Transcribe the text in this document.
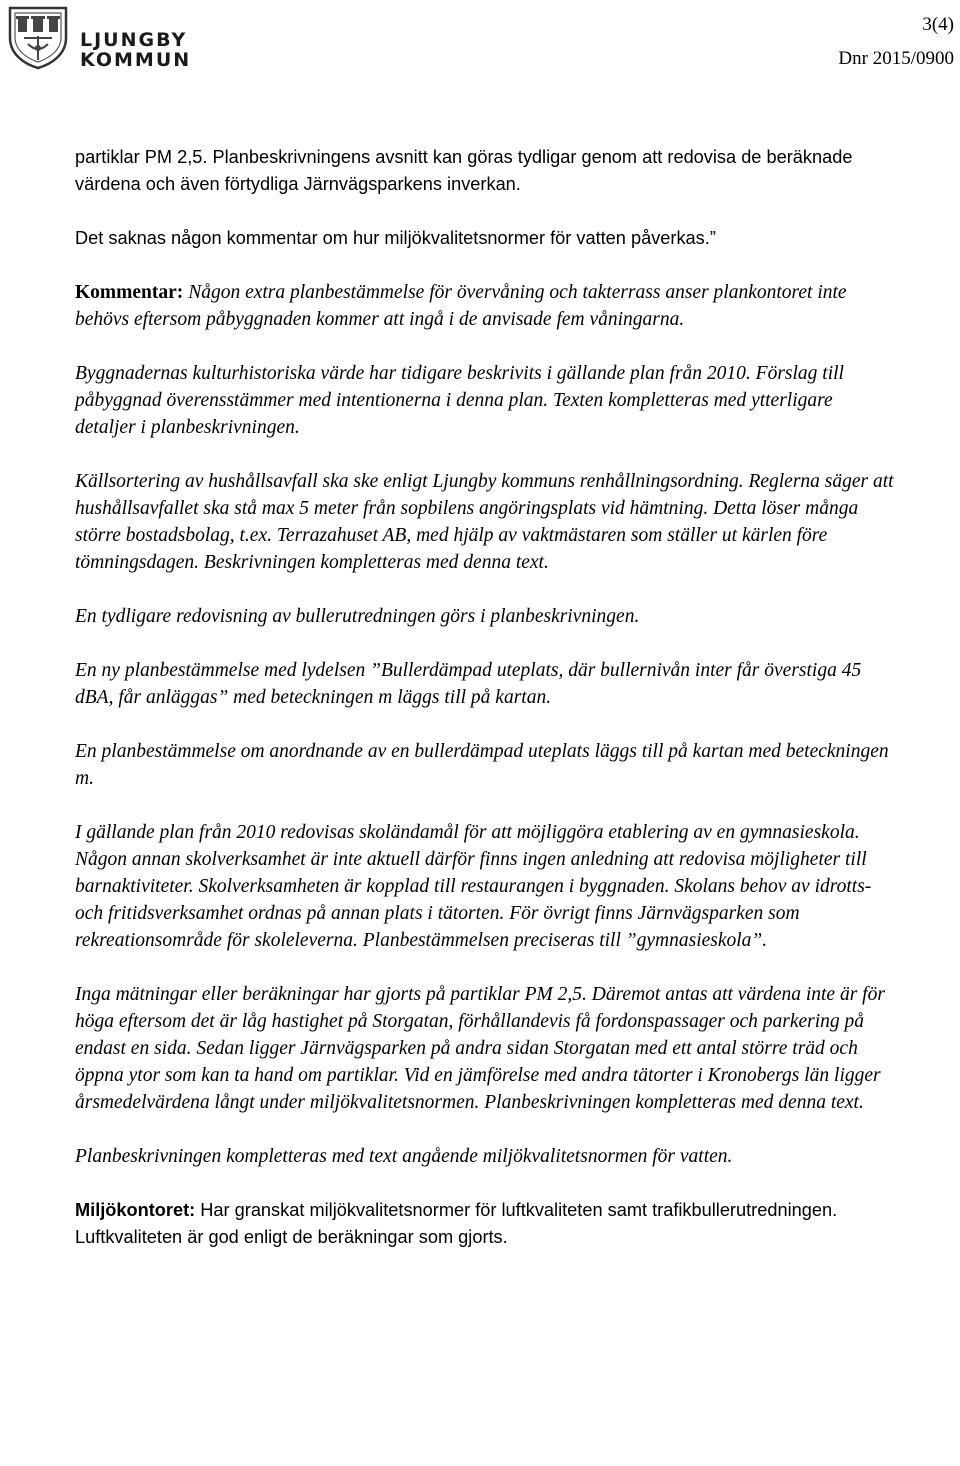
LJUNGBY
KOMMUN
3(4)
Dnr 2015/0900

partiklar PM 2,5. Planbeskrivningens avsnitt kan göras tydligar genom att redovisa de beräknade värdena och även förtydliga Järnvägsparkens inverkan.

Det saknas någon kommentar om hur miljökvalitetsnormer för vatten påverkas.”

Kommentar: Någon extra planbestämmelse för övervåning och takterrass anser plankontoret inte behövs eftersom påbyggnaden kommer att ingå i de anvisade fem våningarna.

Byggnadernas kulturhistoriska värde har tidigare beskrivits i gällande plan från 2010. Förslag till påbyggnad överensstämmer med intentionerna i denna plan. Texten kompletteras med ytterligare detaljer i planbeskrivningen.

Källsortering av hushållsavfall ska ske enligt Ljungby kommuns renhållningsordning. Reglerna säger att hushållsavfallet ska stå max 5 meter från sopbilens angöringsplats vid hämtning. Detta löser många större bostadsbolag, t.ex. Terrazahuset AB, med hjälp av vaktmästaren som ställer ut kärlen före tömningsdagen. Beskrivningen kompletteras med denna text.

En tydligare redovisning av bullerutredningen görs i planbeskrivningen.

En ny planbestämmelse med lydelsen ”Bullerdämpad uteplats, där bullernivån inter får överstiga 45 dBA, får anläggas” med beteckningen m läggs till på kartan.

En planbestämmelse om anordnande av en bullerdämpad uteplats läggs till på kartan med beteckningen m.

I gällande plan från 2010 redovisas skoländamål för att möjliggöra etablering av en gymnasieskola. Någon annan skolverksamhet är inte aktuell därför finns ingen anledning att redovisa möjligheter till barnaktiviteter. Skolverksamheten är kopplad till restaurangen i byggnaden. Skolans behov av idrotts- och fritidsverksamhet ordnas på annan plats i tätorten. För övrigt finns Järnvägsparken som rekreationsområde för skoleleverna. Planbestämmelsen preciseras till ”gymnasieskola”.

Inga mätningar eller beräkningar har gjorts på partiklar PM 2,5. Däremot antas att värdena inte är för höga eftersom det är låg hastighet på Storgatan, förhållandevis få fordonspassager och parkering på endast en sida. Sedan ligger Järnvägsparken på andra sidan Storgatan med ett antal större träd och öppna ytor som kan ta hand om partiklar. Vid en jämförelse med andra tätorter i Kronobergs län ligger årsmedelvärdena långt under miljökvalitetsnormen. Planbeskrivningen kompletteras med denna text.

Planbeskrivningen kompletteras med text angående miljökvalitetsnormen för vatten.

Miljökontoret: Har granskat miljökvalitetsnormer för luftkvaliteten samt trafikbullerutredningen. Luftkvaliteten är god enligt de beräkningar som gjorts.
